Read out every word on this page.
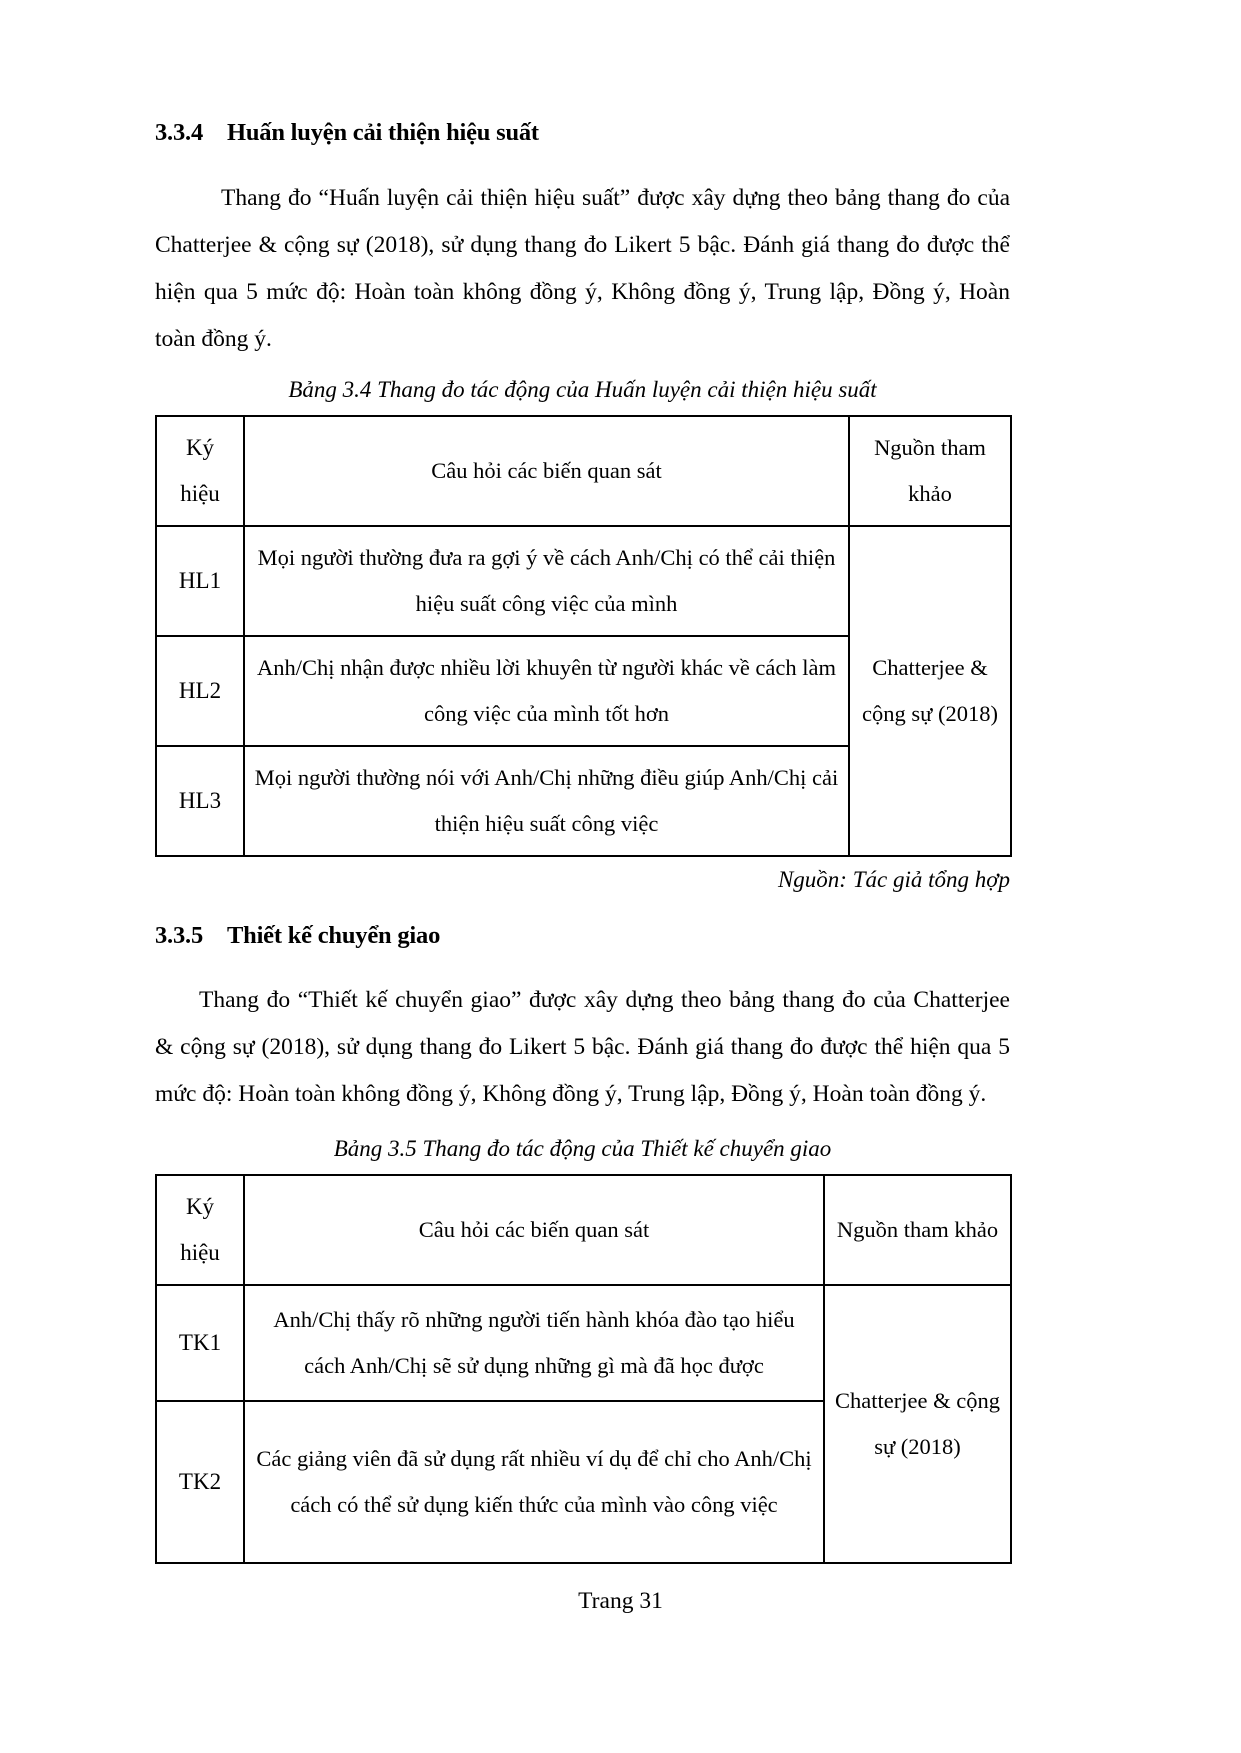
3.3.4 Huấn luyện cải thiện hiệu suất

Thang đo “Huấn luyện cải thiện hiệu suất” được xây dựng theo bảng thang đo của Chatterjee & cộng sự (2018), sử dụng thang đo Likert 5 bậc. Đánh giá thang đo được thể hiện qua 5 mức độ: Hoàn toàn không đồng ý, Không đồng ý, Trung lập, Đồng ý, Hoàn toàn đồng ý.

Bảng 3.4 Thang đo tác động của Huấn luyện cải thiện hiệu suất
Ký hiệu	Câu hỏi các biến quan sát	Nguồn tham khảo
HL1	Mọi người thường đưa ra gợi ý về cách Anh/Chị có thể cải thiện hiệu suất công việc của mình	Chatterjee & cộng sự (2018)
HL2	Anh/Chị nhận được nhiều lời khuyên từ người khác về cách làm công việc của mình tốt hơn	
HL3	Mọi người thường nói với Anh/Chị những điều giúp Anh/Chị cải thiện hiệu suất công việc	
Nguồn: Tác giả tổng hợp
3.3.5 Thiết kế chuyển giao

Thang đo “Thiết kế chuyển giao” được xây dựng theo bảng thang đo của Chatterjee & cộng sự (2018), sử dụng thang đo Likert 5 bậc. Đánh giá thang đo được thể hiện qua 5 mức độ: Hoàn toàn không đồng ý, Không đồng ý, Trung lập, Đồng ý, Hoàn toàn đồng ý.

Bảng 3.5 Thang đo tác động của Thiết kế chuyển giao
Ký hiệu	Câu hỏi các biến quan sát	Nguồn tham khảo
TK1	Anh/Chị thấy rõ những người tiến hành khóa đào tạo hiểu cách Anh/Chị sẽ sử dụng những gì mà đã học được	Chatterjee & cộng sự (2018)
TK2	Các giảng viên đã sử dụng rất nhiều ví dụ để chỉ cho Anh/Chị cách có thể sử dụng kiến thức của mình vào công việc	
Trang 31
